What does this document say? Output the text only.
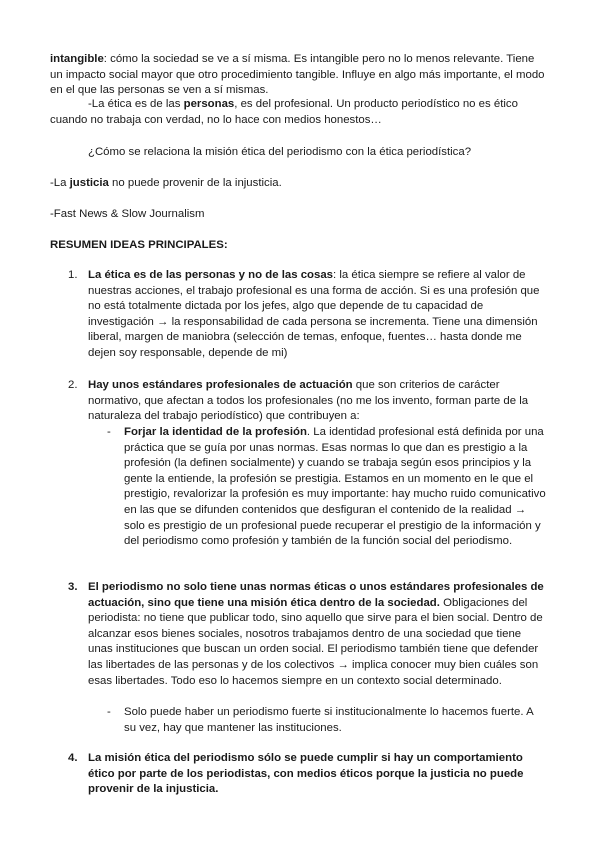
intangible: cómo la sociedad se ve a sí misma. Es intangible pero no lo menos relevante. Tiene un impacto social mayor que otro procedimiento tangible. Influye en algo más importante, el modo en el que las personas se ven a sí mismas.

-La ética es de las personas, es del profesional. Un producto periodístico no es ético cuando no trabaja con verdad, no lo hace con medios honestos…

¿Cómo se relaciona la misión ética del periodismo con la ética periodística?

-La justicia no puede provenir de la injusticia.

-Fast News & Slow Journalism

RESUMEN IDEAS PRINCIPALES:

1. La ética es de las personas y no de las cosas: la ética siempre se refiere al valor de nuestras acciones, el trabajo profesional es una forma de acción. Si es una profesión que no está totalmente dictada por los jefes, algo que depende de tu capacidad de investigación → la responsabilidad de cada persona se incrementa. Tiene una dimensión liberal, margen de maniobra (selección de temas, enfoque, fuentes… hasta donde me dejen soy responsable, depende de mi)

2. Hay unos estándares profesionales de actuación que son criterios de carácter normativo, que afectan a todos los profesionales (no me los invento, forman parte de la naturaleza del trabajo periodístico) que contribuyen a:

- Forjar la identidad de la profesión. La identidad profesional está definida por una práctica que se guía por unas normas. Esas normas lo que dan es prestigio a la profesión (la definen socialmente) y cuando se trabaja según esos principios y la gente la entiende, la profesión se prestigia. Estamos en un momento en le que el prestigio, revalorizar la profesión es muy importante: hay mucho ruido comunicativo en las que se difunden contenidos que desfiguran el contenido de la realidad → solo es prestigio de un profesional puede recuperar el prestigio de la información y del periodismo como profesión y también de la función social del periodismo.

3. El periodismo no solo tiene unas normas éticas o unos estándares profesionales de actuación, sino que tiene una misión ética dentro de la sociedad. Obligaciones del periodista: no tiene que publicar todo, sino aquello que sirve para el bien social. Dentro de alcanzar esos bienes sociales, nosotros trabajamos dentro de una sociedad que tiene unas instituciones que buscan un orden social. El periodismo también tiene que defender las libertades de las personas y de los colectivos → implica conocer muy bien cuáles son esas libertades. Todo eso lo hacemos siempre en un contexto social determinado.

- Solo puede haber un periodismo fuerte si institucionalmente lo hacemos fuerte. A su vez, hay que mantener las instituciones.

4. La misión ética del periodismo sólo se puede cumplir si hay un comportamiento ético por parte de los periodistas, con medios éticos porque la justicia no puede provenir de la injusticia.
